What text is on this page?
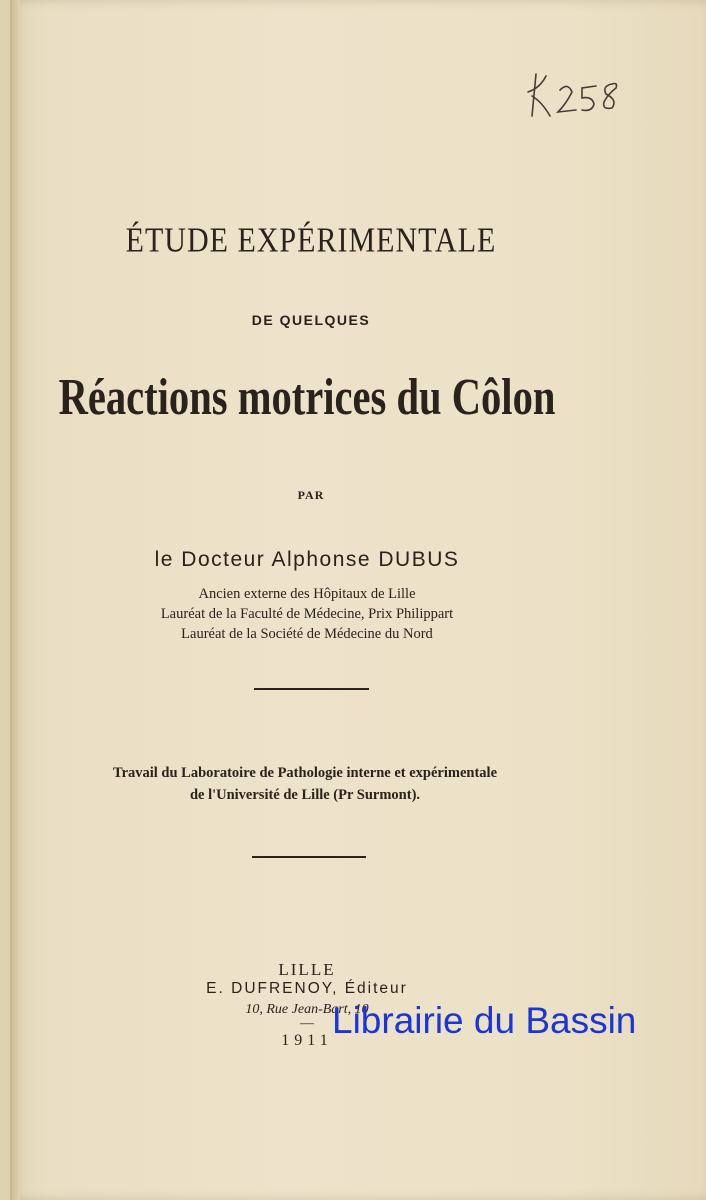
ÉTUDE EXPÉRIMENTALE
DE QUELQUES
Réactions motrices du Côlon
PAR
le Docteur Alphonse DUBUS
Ancien externe des Hôpitaux de Lille
Lauréat de la Faculté de Médecine, Prix Philippart
Lauréat de la Société de Médecine du Nord
Travail du Laboratoire de Pathologie interne et expérimentale
de l'Université de Lille (Pr Surmont).
LILLE
E. DUFRENOY, Éditeur
10, Rue Jean-Bart, 10
—
1911 Librairie du Bassin
